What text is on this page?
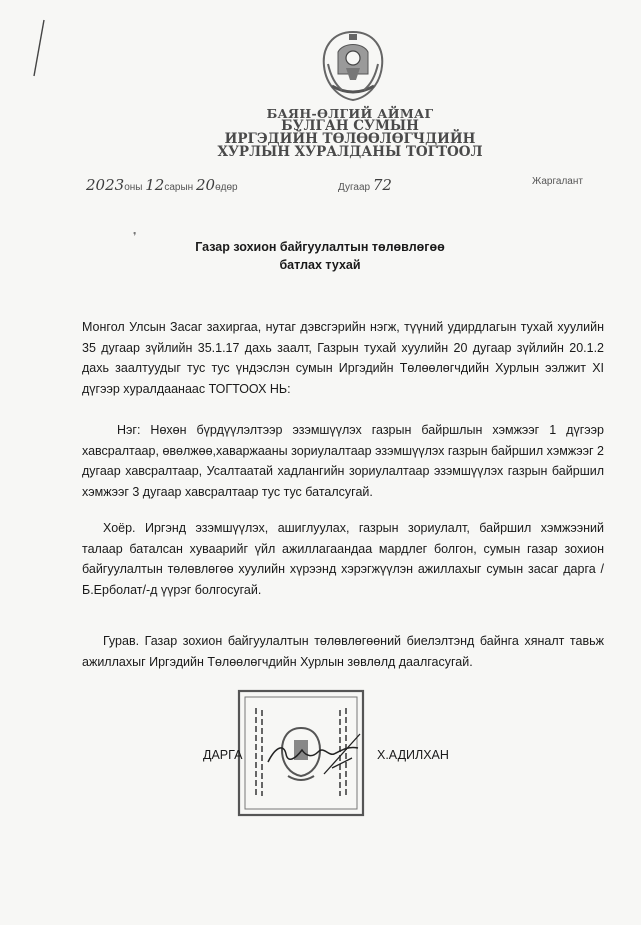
БАЯН-ӨЛГИЙ АЙМАГ
БУЛГАН СУМЫН
ИРГЭДИЙН ТӨЛӨӨЛӨГЧДИЙН
ХУРЛЫН ХУРАЛДАНЫ ТОГТООЛ
2023оны 12сарын 20өдөр	Дугаар 72	Жаргалант
❜
Газар зохион байгуулалтын төлөвлөгөө
батлах тухай
Монгол Улсын Засаг захиргаа, нутаг дэвсгэрийн нэгж, түүний удирдлагын тухай хуулийн 35 дугаар зүйлийн 35.1.17 дахь заалт, Газрын тухай хуулийн 20 дугаар зүйлийн 20.1.2 дахь заалтуудыг тус тус үндэслэн сумын Иргэдийн Төлөөлөгчдийн Хурлын ээлжит XI дүгээр хуралдаанаас ТОГТООХ НЬ:
Нэг: Нөхөн бүрдүүлэлтээр эзэмшүүлэх газрын байршлын хэмжээг 1 дүгээр хавсралтаар, өвөлжөө,хаваржааны зориулалтаар эзэмшүүлэх газрын байршил хэмжээг 2 дугаар хавсралтаар, Усалтаатай хадлангийн зориулалтаар эзэмшүүлэх газрын байршил хэмжээг 3 дугаар хавсралтаар тус тус баталсугай.
Хоёр. Иргэнд эзэмшүүлэх, ашиглуулах, газрын зориулалт, байршил хэмжээний талаар баталсан хуваарийг үйл ажиллагаандаа мардлег болгон, сумын газар зохион байгуулалтын төлөвлөгөө хуулийн хүрээнд хэрэгжүүлэн ажиллахыг сумын засаг дарга /Б.Ерболат/-д үүрэг болгосугай.
Гурав. Газар зохион байгуулалтын төлөвлөгөөний биелэлтэнд байнга хяналт тавьж ажиллахыг Иргэдийн Төлөөлөгчдийн Хурлын зөвлөлд даалгасугай.
ДАРГА	Х.АДИЛХАН
